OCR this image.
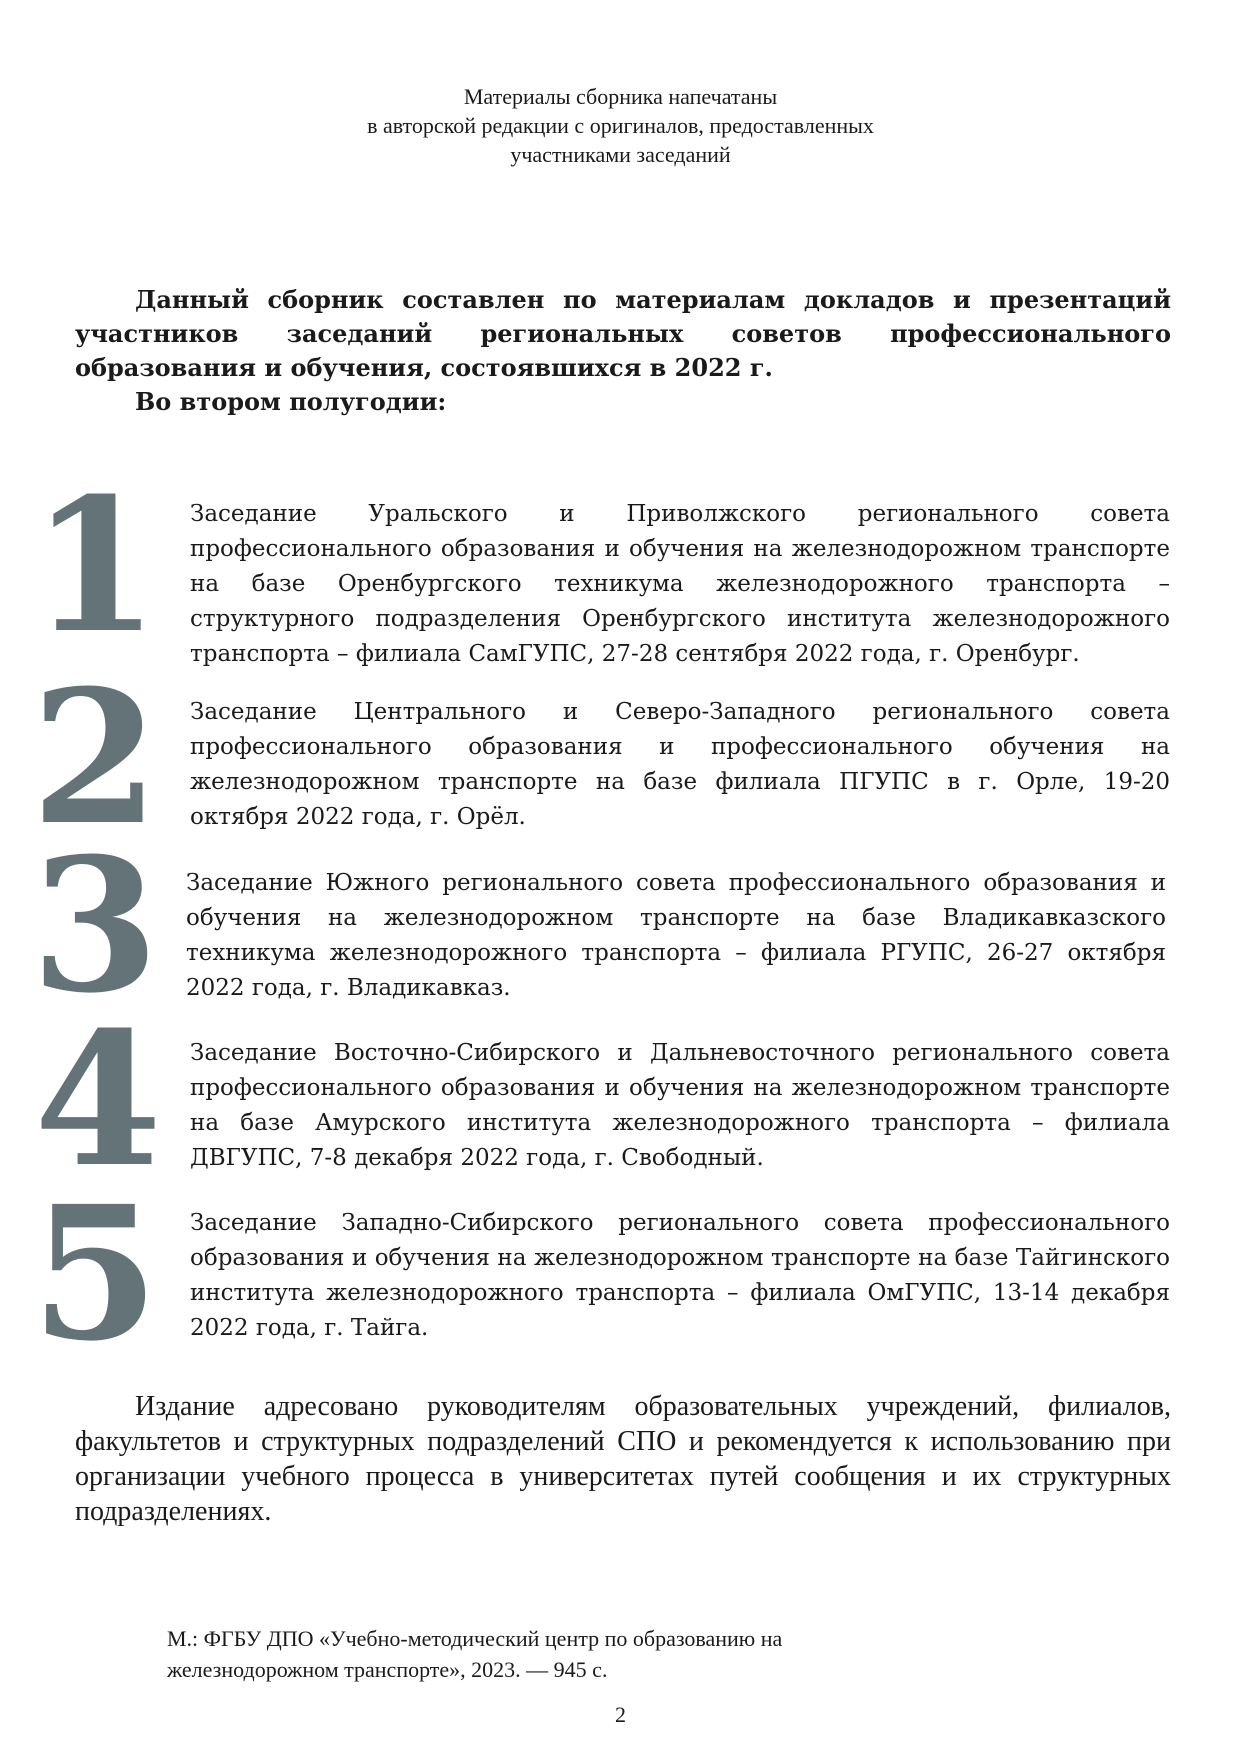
Материалы сборника напечатаны
в авторской редакции с оригиналов, предоставленных
участниками заседаний

Данный сборник составлен по материалам докладов и презентаций участников заседаний региональных советов профессионального образования и обучения, состоявшихся в 2022 г.

Во втором полугодии:

1 Заседание Уральского и Приволжского регионального совета профессионального образования и обучения на железнодорожном транспорте на базе Оренбургского техникума железнодорожного транспорта – структурного подразделения Оренбургского института железнодорожного транспорта – филиала СамГУПС, 27-28 сентября 2022 года, г. Оренбург.
2 Заседание Центрального и Северо-Западного регионального совета профессионального образования и профессионального обучения на железнодорожном транспорте на базе филиала ПГУПС в г. Орле, 19-20 октября 2022 года, г. Орёл.
3 Заседание Южного регионального совета профессионального образования и обучения на железнодорожном транспорте на базе Владикавказского техникума железнодорожного транспорта – филиала РГУПС, 26-27 октября 2022 года, г. Владикавказ.
4 Заседание Восточно-Сибирского и Дальневосточного регионального совета профессионального образования и обучения на железнодорожном транспорте на базе Амурского института железнодорожного транспорта – филиала ДВГУПС, 7-8 декабря 2022 года, г. Свободный.
5 Заседание Западно-Сибирского регионального совета профессионального образования и обучения на железнодорожном транспорте на базе Тайгинского института железнодорожного транспорта – филиала ОмГУПС, 13-14 декабря 2022 года, г. Тайга.

Издание адресовано руководителям образовательных учреждений, филиалов, факультетов и структурных подразделений СПО и рекомендуется к использованию при организации учебного процесса в университетах путей сообщения и их структурных подразделениях.

М.: ФГБУ ДПО «Учебно-методический центр по образованию на
железнодорожном транспорте», 2023. — 945 с.
2
